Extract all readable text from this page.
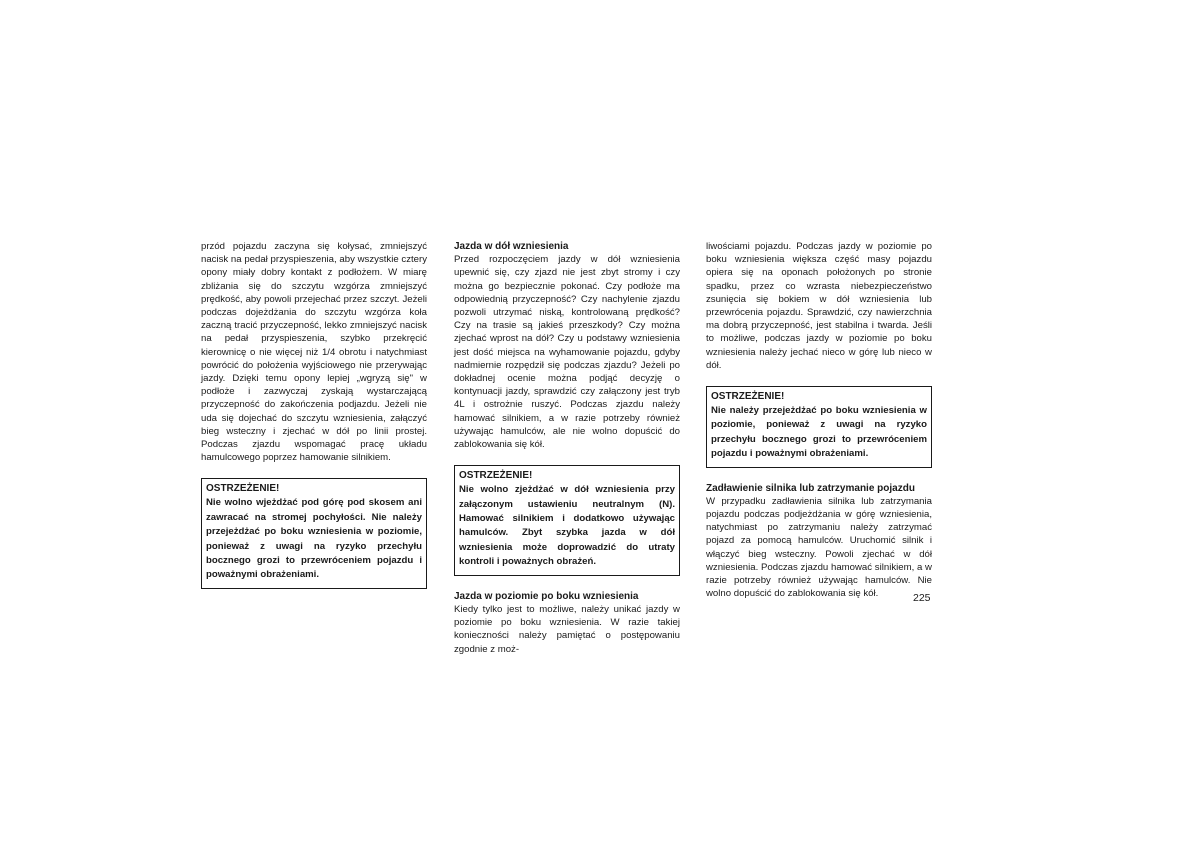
przód pojazdu zaczyna się kołysać, zmniejszyć nacisk na pedał przyspieszenia, aby wszystkie cztery opony miały dobry kontakt z podłożem. W miarę zbliżania się do szczytu wzgórza zmniejszyć prędkość, aby powoli przejechać przez szczyt. Jeżeli podczas dojeżdżania do szczytu wzgórza koła zaczną tracić przyczepność, lekko zmniejszyć nacisk na pedał przyspieszenia, szybko przekręcić kierownicę o nie więcej niż 1/4 obrotu i natychmiast powrócić do położenia wyjściowego nie przerywając jazdy. Dzięki temu opony lepiej „wgryzą się" w podłoże i zazwyczaj zyskają wystarczającą przyczepność do zakończenia podjazdu. Jeżeli nie uda się dojechać do szczytu wzniesienia, załączyć bieg wsteczny i zjechać w dół po linii prostej. Podczas zjazdu wspomagać pracę układu hamulcowego poprzez hamowanie silnikiem.

OSTRZEŻENIE!

Nie wolno wjeżdżać pod górę pod skosem ani zawracać na stromej pochyłości. Nie należy przejeżdżać po boku wzniesienia w poziomie, ponieważ z uwagi na ryzyko przechyłu bocznego grozi to przewróceniem pojazdu i poważnymi obrażeniami.

Jazda w dół wzniesienia

Przed rozpoczęciem jazdy w dół wzniesienia upewnić się, czy zjazd nie jest zbyt stromy i czy można go bezpiecznie pokonać. Czy podłoże ma odpowiednią przyczepność? Czy nachylenie zjazdu pozwoli utrzymać niską, kontrolowaną prędkość? Czy na trasie są jakieś przeszkody? Czy można zjechać wprost na dół? Czy u podstawy wzniesienia jest dość miejsca na wyhamowanie pojazdu, gdyby nadmiernie rozpędził się podczas zjazdu? Jeżeli po dokładnej ocenie można podjąć decyzję o kontynuacji jazdy, sprawdzić czy załączony jest tryb 4L i ostrożnie ruszyć. Podczas zjazdu należy hamować silnikiem, a w razie potrzeby również używając hamulców, ale nie wolno dopuścić do zablokowania się kół.

OSTRZEŻENIE!

Nie wolno zjeżdżać w dół wzniesienia przy załączonym ustawieniu neutralnym (N). Hamować silnikiem i dodatkowo używając hamulców. Zbyt szybka jazda w dół wzniesienia może doprowadzić do utraty kontroli i poważnych obrażeń.

Jazda w poziomie po boku wzniesienia

Kiedy tylko jest to możliwe, należy unikać jazdy w poziomie po boku wzniesienia. W razie takiej konieczności należy pamiętać o postępowaniu zgodnie z moż-

liwościami pojazdu. Podczas jazdy w poziomie po boku wzniesienia większa część masy pojazdu opiera się na oponach położonych po stronie spadku, przez co wzrasta niebezpieczeństwo zsunięcia się bokiem w dół wzniesienia lub przewrócenia pojazdu. Sprawdzić, czy nawierzchnia ma dobrą przyczepność, jest stabilna i twarda. Jeśli to możliwe, podczas jazdy w poziomie po boku wzniesienia należy jechać nieco w górę lub nieco w dół.

OSTRZEŻENIE!

Nie należy przejeżdżać po boku wzniesienia w poziomie, ponieważ z uwagi na ryzyko przechyłu bocznego grozi to przewróceniem pojazdu i poważnymi obrażeniami.

Zadławienie silnika lub zatrzymanie pojazdu

W przypadku zadławienia silnika lub zatrzymania pojazdu podczas podjeżdżania w górę wzniesienia, natychmiast po zatrzymaniu należy zatrzymać pojazd za pomocą hamulców. Uruchomić silnik i włączyć bieg wsteczny. Powoli zjechać w dół wzniesienia. Podczas zjazdu hamować silnikiem, a w razie potrzeby również używając hamulców. Nie wolno dopuścić do zablokowania się kół.	225
